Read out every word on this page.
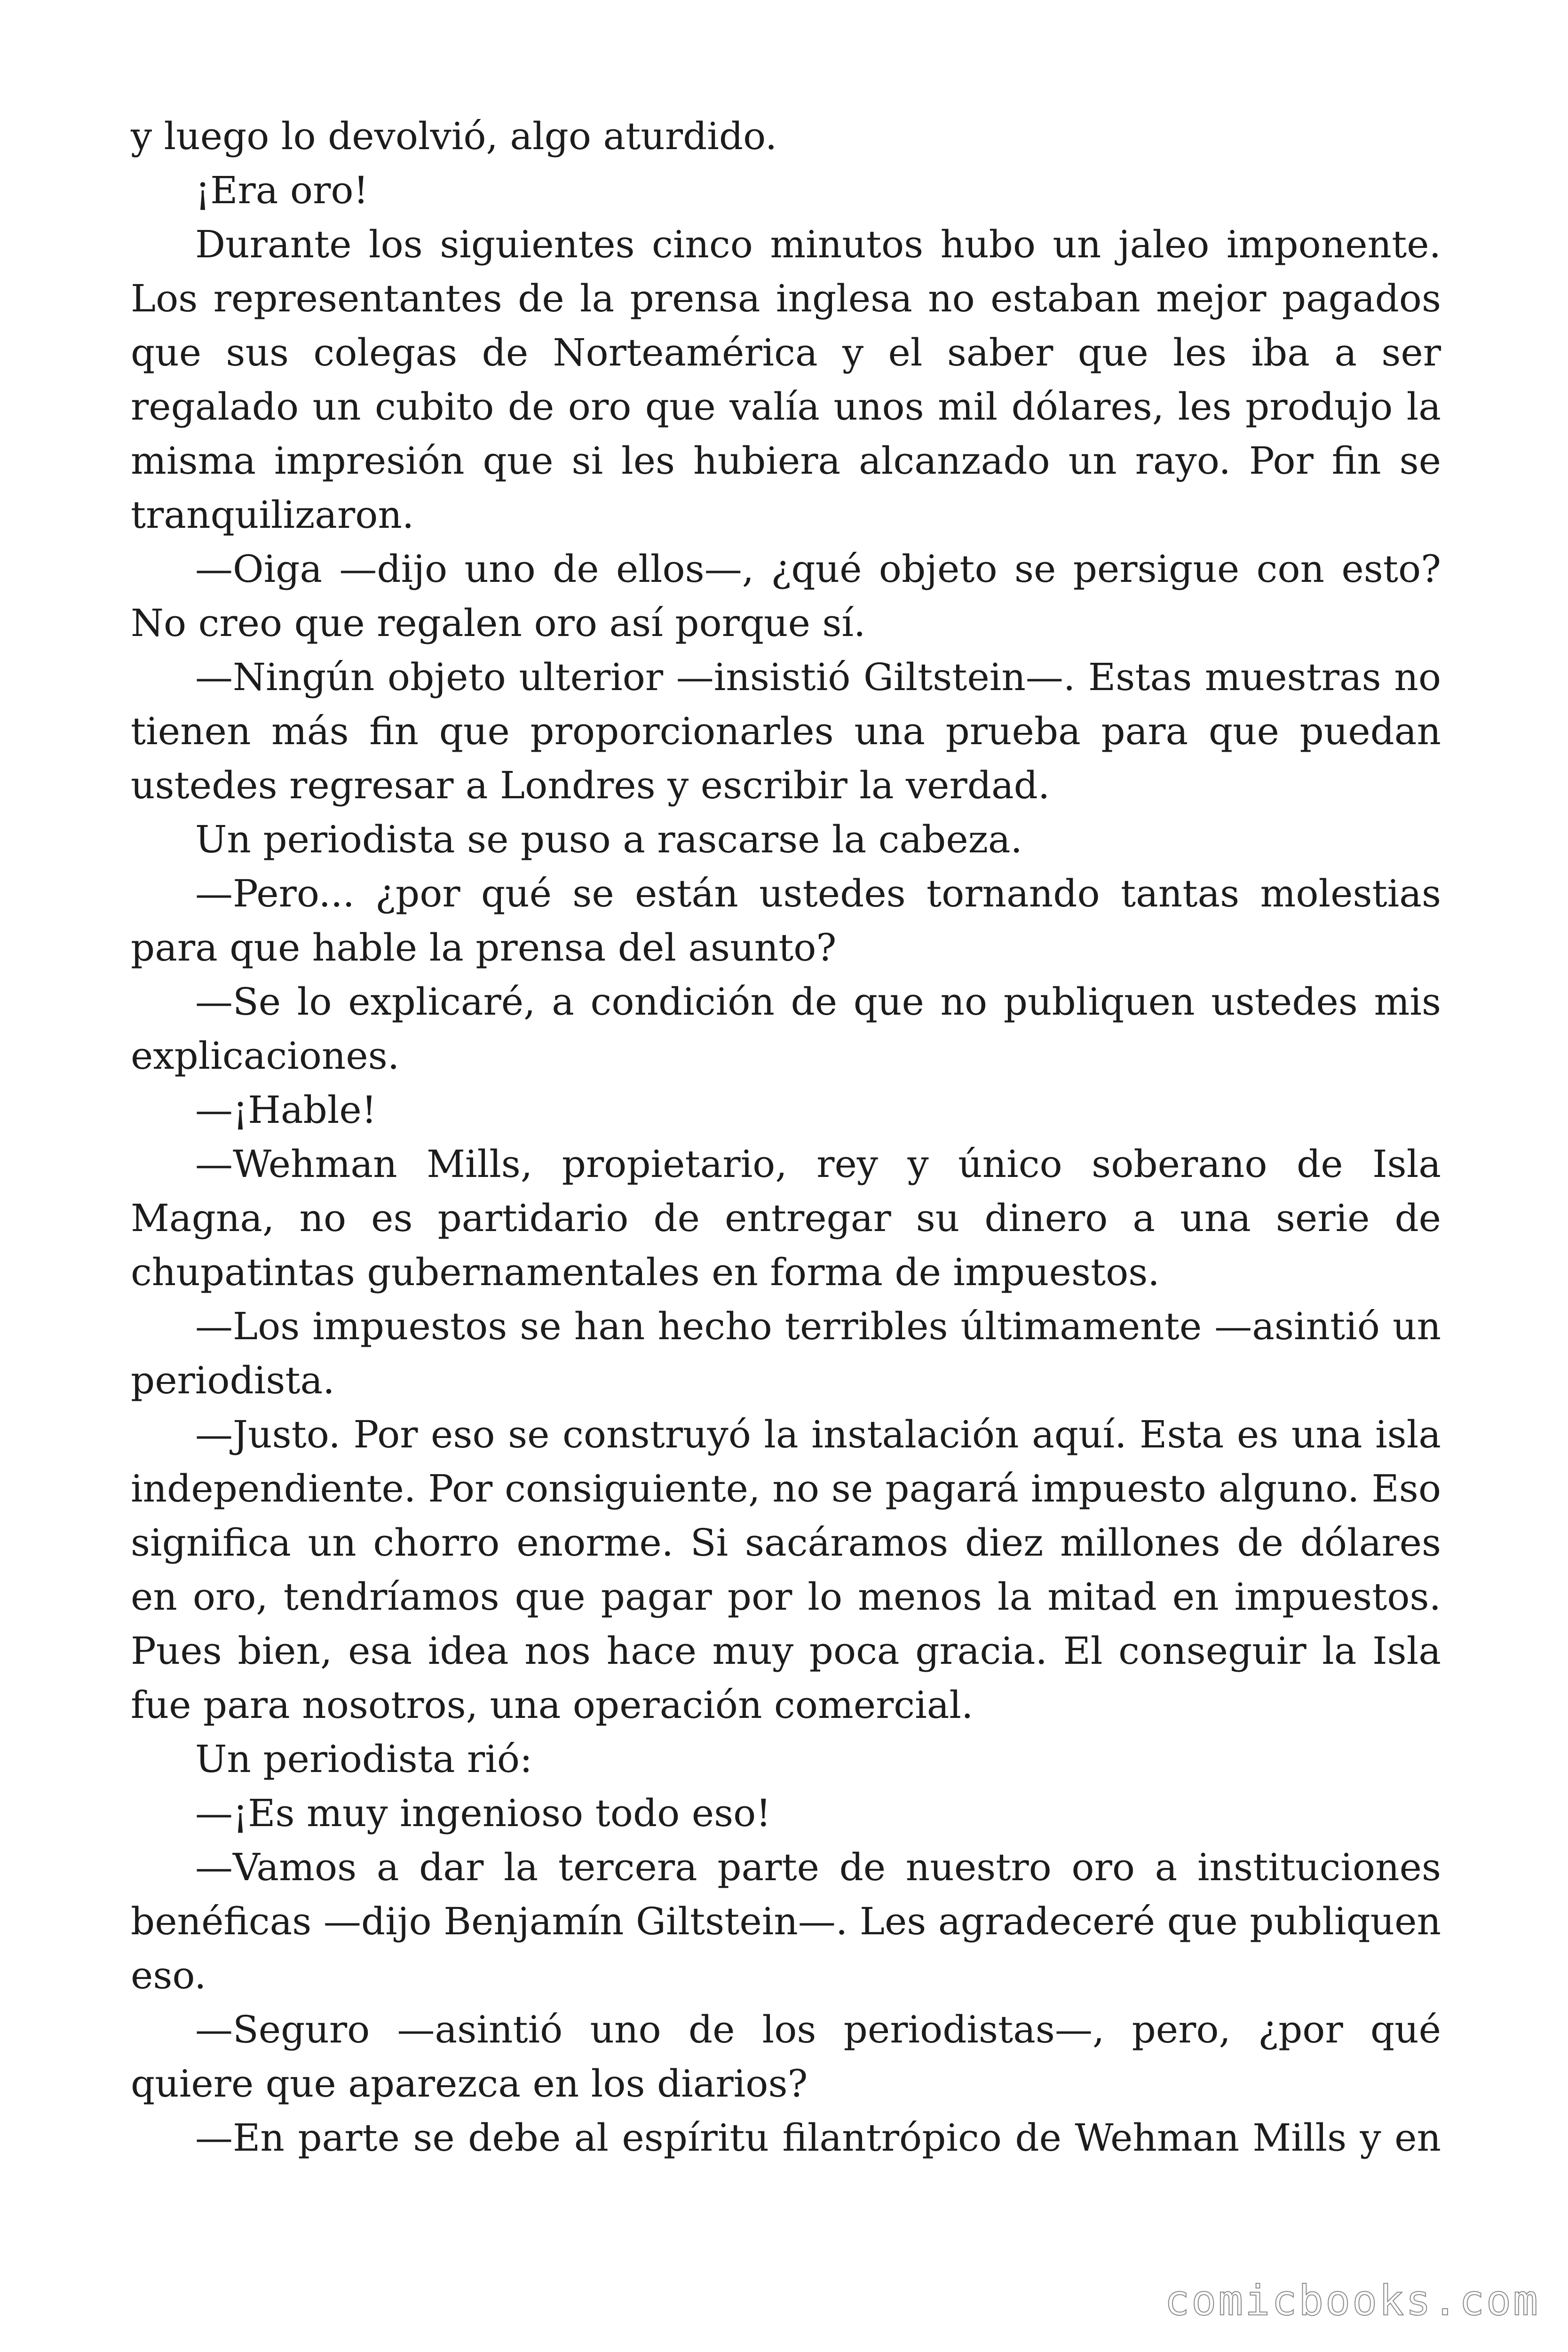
y luego lo devolvió, algo aturdido.

¡Era oro!

Durante los siguientes cinco minutos hubo un jaleo imponente. Los representantes de la prensa inglesa no estaban mejor pagados que sus colegas de Norteamérica y el saber que les iba a ser regalado un cubito de oro que valía unos mil dólares, les produjo la misma impresión que si les hubiera alcanzado un rayo. Por fin se tranquilizaron.

—Oiga —dijo uno de ellos—, ¿qué objeto se persigue con esto? No creo que regalen oro así porque sí.

—Ningún objeto ulterior —insistió Giltstein—. Estas muestras no tienen más fin que proporcionarles una prueba para que puedan ustedes regresar a Londres y escribir la verdad.

Un periodista se puso a rascarse la cabeza.

—Pero... ¿por qué se están ustedes tornando tantas molestias para que hable la prensa del asunto?

—Se lo explicaré, a condición de que no publiquen ustedes mis explicaciones.

—¡Hable!

—Wehman Mills, propietario, rey y único soberano de Isla Magna, no es partidario de entregar su dinero a una serie de chupatintas gubernamentales en forma de impuestos.

—Los impuestos se han hecho terribles últimamente —asintió un periodista.

—Justo. Por eso se construyó la instalación aquí. Esta es una isla independiente. Por consiguiente, no se pagará impuesto alguno. Eso significa un chorro enorme. Si sacáramos diez millones de dólares en oro, tendríamos que pagar por lo menos la mitad en impuestos. Pues bien, esa idea nos hace muy poca gracia. El conseguir la Isla fue para nosotros, una operación comercial.

Un periodista rió:

—¡Es muy ingenioso todo eso!

—Vamos a dar la tercera parte de nuestro oro a instituciones benéficas —dijo Benjamín Giltstein—. Les agradeceré que publiquen eso.

—Seguro —asintió uno de los periodistas—, pero, ¿por qué quiere que aparezca en los diarios?

—En parte se debe al espíritu filantrópico de Wehman Mills y en

comicbooks.com
